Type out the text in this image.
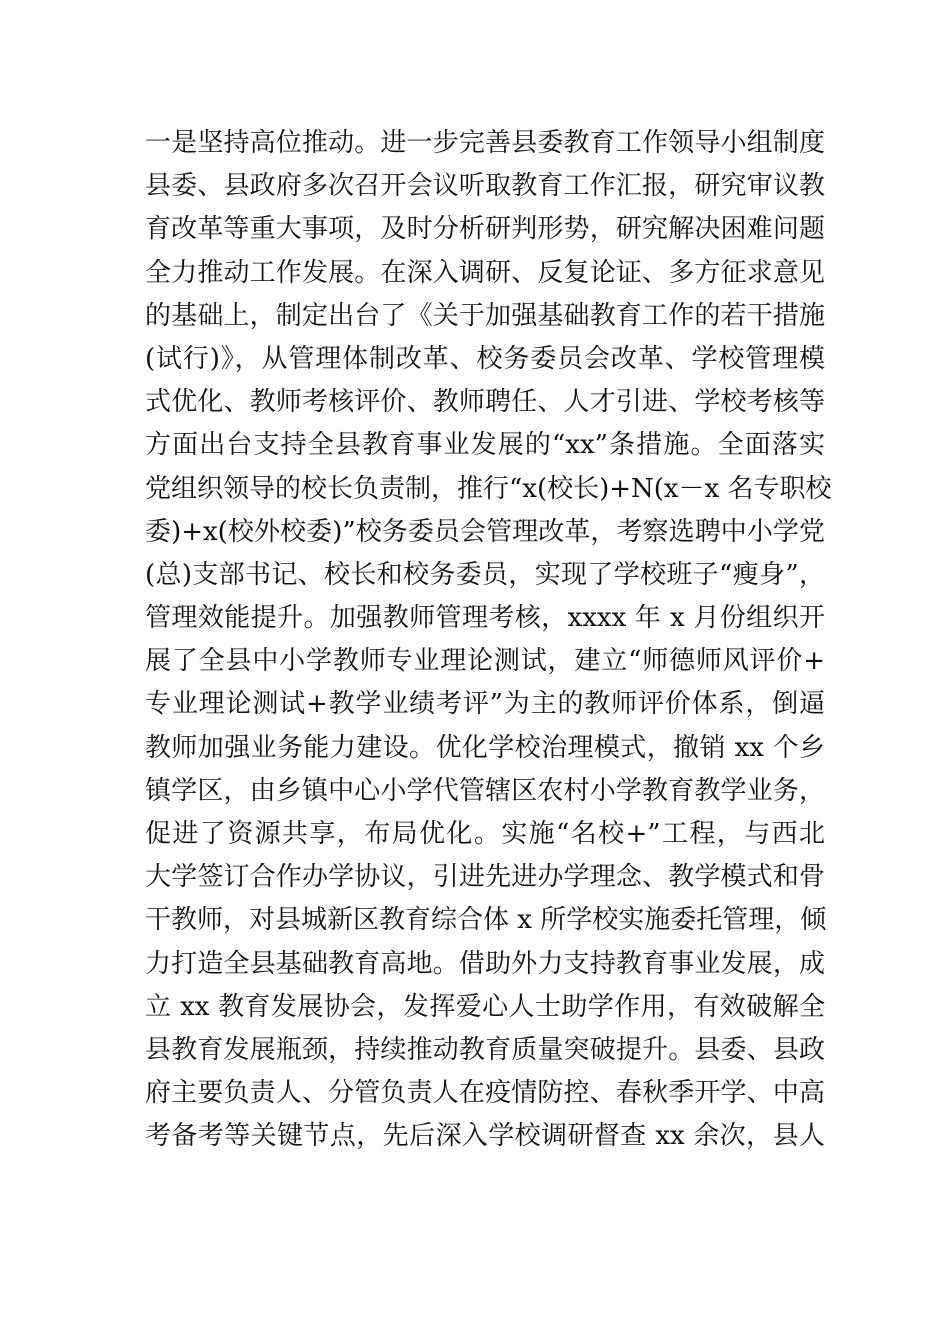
一是坚持高位推动。进一步完善县委教育工作领导小组制度
县委、县政府多次召开会议听取教育工作汇报，研究审议教
育改革等重大事项，及时分析研判形势，研究解决困难问题
全力推动工作发展。在深入调研、反复论证、多方征求意见
的基础上，制定出台了《关于加强基础教育工作的若干措施
(试行)》，从管理体制改革、校务委员会改革、学校管理模
式优化、教师考核评价、教师聘任、人才引进、学校考核等
方面出台支持全县教育事业发展的“xx”条措施。全面落实
党组织领导的校长负责制，推行“x(校长)+N(x－x 名专职校
委)+x(校外校委)”校务委员会管理改革，考察选聘中小学党
(总)支部书记、校长和校务委员，实现了学校班子“瘦身”，
管理效能提升。加强教师管理考核，xxxx 年 x 月份组织开
展了全县中小学教师专业理论测试，建立“师德师风评价+
专业理论测试+教学业绩考评”为主的教师评价体系，倒逼
教师加强业务能力建设。优化学校治理模式，撤销 xx 个乡
镇学区，由乡镇中心小学代管辖区农村小学教育教学业务，
促进了资源共享，布局优化。实施“名校+”工程，与西北
大学签订合作办学协议，引进先进办学理念、教学模式和骨
干教师，对县城新区教育综合体 x 所学校实施委托管理，倾
力打造全县基础教育高地。借助外力支持教育事业发展，成
立 xx 教育发展协会，发挥爱心人士助学作用，有效破解全
县教育发展瓶颈，持续推动教育质量突破提升。县委、县政
府主要负责人、分管负责人在疫情防控、春秋季开学、中高
考备考等关键节点，先后深入学校调研督查 xx 余次，县人
